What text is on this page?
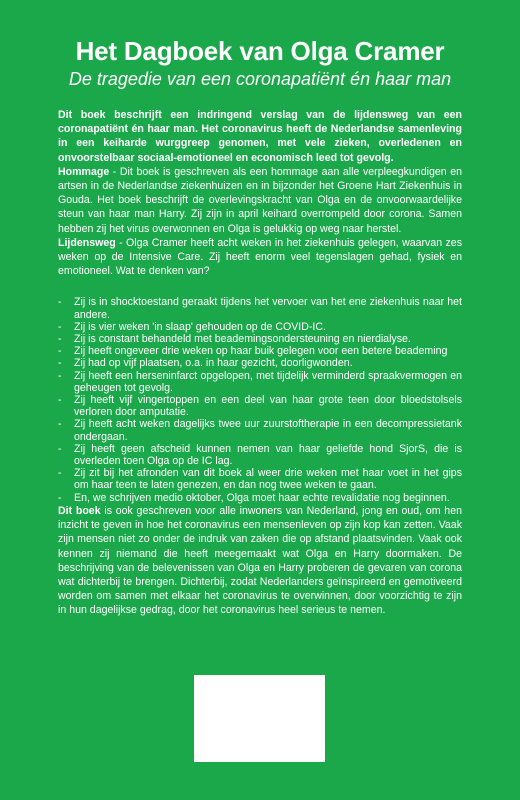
Het Dagboek van Olga Cramer
De tragedie van een coronapatiënt én haar man

Dit boek beschrijft een indringend verslag van de lijdensweg van een coronapatiënt én haar man. Het coronavirus heeft de Nederlandse samenleving in een keiharde wurggreep genomen, met vele zieken, overledenen en onvoorstelbaar sociaal-emotioneel en economisch leed tot gevolg.

Hommage - Dit boek is geschreven als een hommage aan alle verpleegkundigen en artsen in de Nederlandse ziekenhuizen en in bijzonder het Groene Hart Ziekenhuis in Gouda. Het boek beschrijft de overlevingskracht van Olga en de onvoorwaardelijke steun van haar man Harry. Zij zijn in april keihard overrompeld door corona. Samen hebben zij het virus overwonnen en Olga is gelukkig op weg naar herstel.

Lijdensweg - Olga Cramer heeft acht weken in het ziekenhuis gelegen, waarvan zes weken op de Intensive Care. Zij heeft enorm veel tegenslagen gehad, fysiek en emotioneel. Wat te denken van?

- Zij is in shocktoestand geraakt tijdens het vervoer van het ene ziekenhuis naar het andere.
- Zij is vier weken 'in slaap' gehouden op de COVID-IC.
- Zij is constant behandeld met beademingsondersteuning en nierdialyse.
- Zij heeft ongeveer drie weken op haar buik gelegen voor een betere beademing
- Zij had op vijf plaatsen, o.a. in haar gezicht, doorligwonden.
- Zij heeft een herseninfarct opgelopen, met tijdelijk verminderd spraakvermogen en geheugen tot gevolg.
- Zij heeft vijf vingertoppen en een deel van haar grote teen door bloedstolsels verloren door amputatie.
- Zij heeft acht weken dagelijks twee uur zuurstoftherapie in een decompressietank ondergaan.
- Zij heeft geen afscheid kunnen nemen van haar geliefde hond SjorS, die is overleden toen Olga op de IC lag.
- Zij zit bij het afronden van dit boek al weer drie weken met haar voet in het gips om haar teen te laten genezen, en dan nog twee weken te gaan.
- En, we schrijven medio oktober, Olga moet haar echte revalidatie nog beginnen.

Dit boek is ook geschreven voor alle inwoners van Nederland, jong en oud, om hen inzicht te geven in hoe het coronavirus een mensenleven op zijn kop kan zetten. Vaak zijn mensen niet zo onder de indruk van zaken die op afstand plaatsvinden. Vaak ook kennen zij niemand die heeft meegemaakt wat Olga en Harry doormaken. De beschrijving van de belevenissen van Olga en Harry proberen de gevaren van corona wat dichterbij te brengen. Dichterbij, zodat Nederlanders geïnspireerd en gemotiveerd worden om samen met elkaar het coronavirus te overwinnen, door voorzichtig te zijn in hun dagelijkse gedrag, door het coronavirus heel serieus te nemen.
